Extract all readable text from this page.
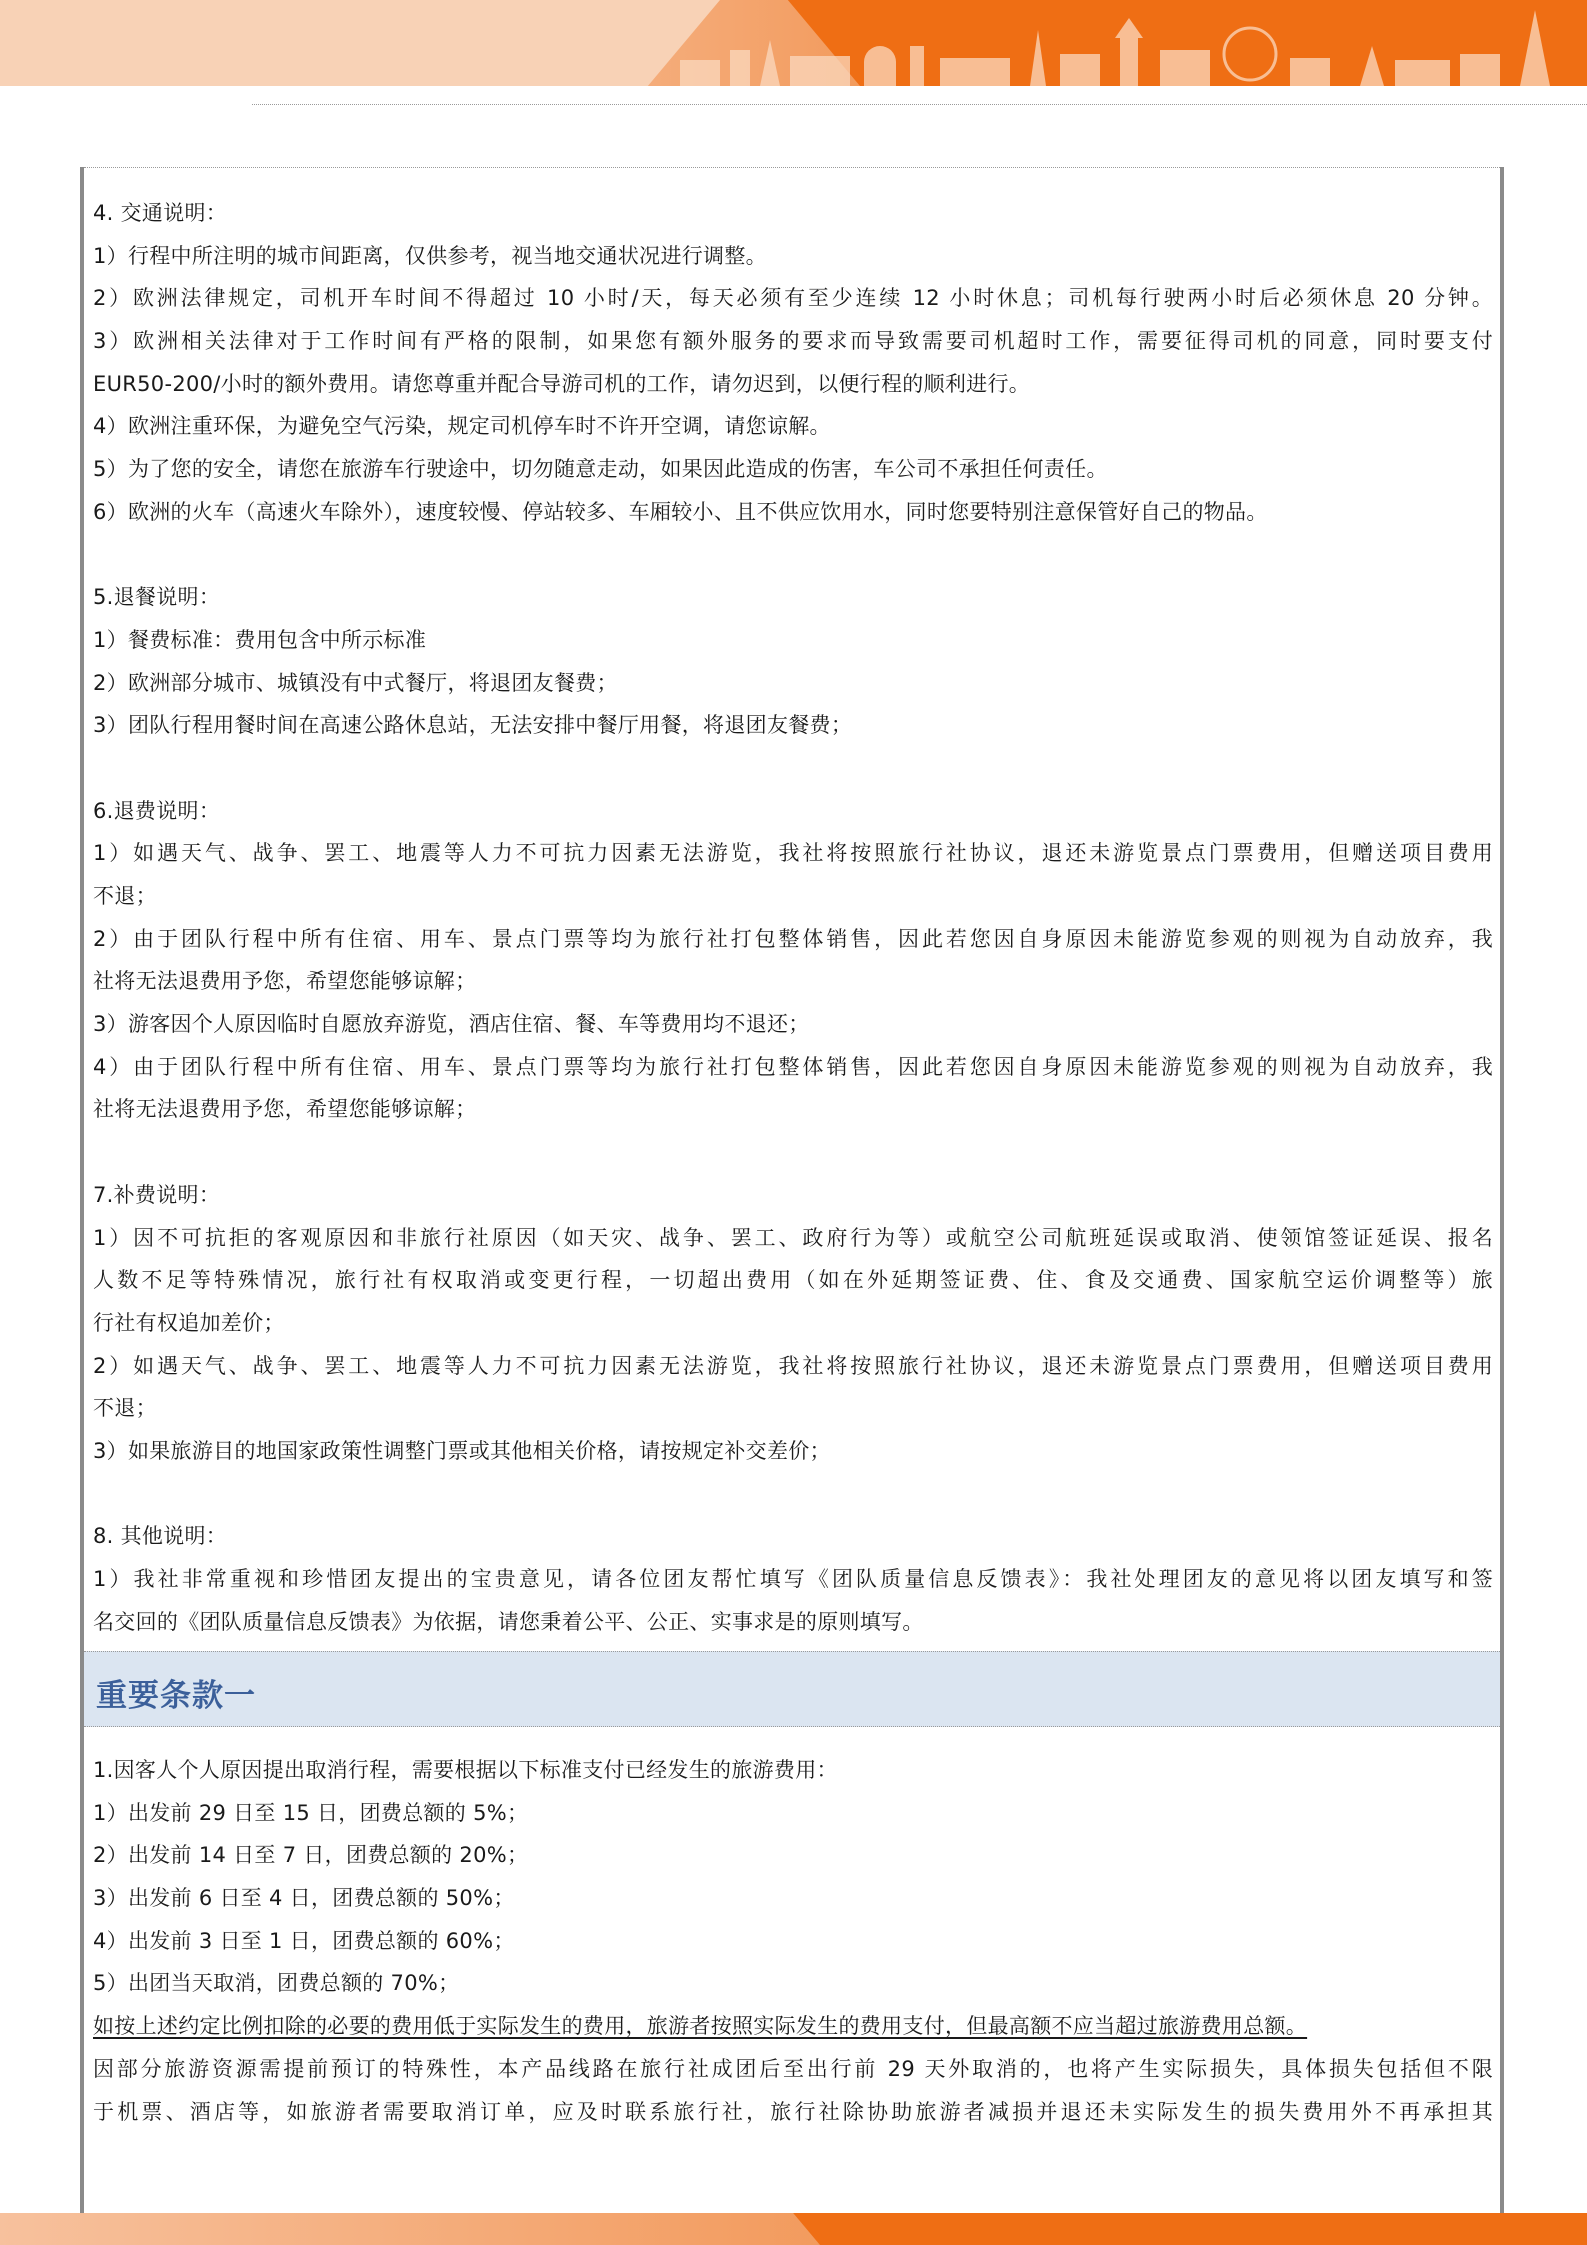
4. 交通说明：
1）行程中所注明的城市间距离，仅供参考，视当地交通状况进行调整。
2）欧洲法律规定，司机开车时间不得超过 10 小时/天，每天必须有至少连续 12 小时休息；司机每行驶两小时后必须休息 20 分钟。
3）欧洲相关法律对于工作时间有严格的限制，如果您有额外服务的要求而导致需要司机超时工作，需要征得司机的同意，同时要支付
EUR50-200/小时的额外费用。请您尊重并配合导游司机的工作，请勿迟到，以便行程的顺利进行。
4）欧洲注重环保，为避免空气污染，规定司机停车时不许开空调，请您谅解。
5）为了您的安全，请您在旅游车行驶途中，切勿随意走动，如果因此造成的伤害，车公司不承担任何责任。
6）欧洲的火车（高速火车除外），速度较慢、停站较多、车厢较小、且不供应饮用水，同时您要特别注意保管好自己的物品。
5.退餐说明：
1）餐费标准：费用包含中所示标准
2）欧洲部分城市、城镇没有中式餐厅，将退团友餐费；
3）团队行程用餐时间在高速公路休息站，无法安排中餐厅用餐，将退团友餐费；
6.退费说明：
1）如遇天气、战争、罢工、地震等人力不可抗力因素无法游览，我社将按照旅行社协议，退还未游览景点门票费用，但赠送项目费用
不退；
2）由于团队行程中所有住宿、用车、景点门票等均为旅行社打包整体销售，因此若您因自身原因未能游览参观的则视为自动放弃，我
社将无法退费用予您，希望您能够谅解；
3）游客因个人原因临时自愿放弃游览，酒店住宿、餐、车等费用均不退还；
4）由于团队行程中所有住宿、用车、景点门票等均为旅行社打包整体销售，因此若您因自身原因未能游览参观的则视为自动放弃，我
社将无法退费用予您，希望您能够谅解；
7.补费说明：
1）因不可抗拒的客观原因和非旅行社原因（如天灾、战争、罢工、政府行为等）或航空公司航班延误或取消、使领馆签证延误、报名
人数不足等特殊情况，旅行社有权取消或变更行程，一切超出费用（如在外延期签证费、住、食及交通费、国家航空运价调整等）旅
行社有权追加差价；
2）如遇天气、战争、罢工、地震等人力不可抗力因素无法游览，我社将按照旅行社协议，退还未游览景点门票费用，但赠送项目费用
不退；
3）如果旅游目的地国家政策性调整门票或其他相关价格，请按规定补交差价；
8. 其他说明：
1）我社非常重视和珍惜团友提出的宝贵意见，请各位团友帮忙填写《团队质量信息反馈表》：我社处理团友的意见将以团友填写和签
名交回的《团队质量信息反馈表》为依据，请您秉着公平、公正、实事求是的原则填写。
重要条款一
1.因客人个人原因提出取消行程，需要根据以下标准支付已经发生的旅游费用：
1）出发前 29 日至 15 日，团费总额的 5%；
2）出发前 14 日至 7 日，团费总额的 20%；
3）出发前 6 日至 4 日，团费总额的 50%；
4）出发前 3 日至 1 日，团费总额的 60%；
5）出团当天取消，团费总额的 70%；
如按上述约定比例扣除的必要的费用低于实际发生的费用，旅游者按照实际发生的费用支付，但最高额不应当超过旅游费用总额。
因部分旅游资源需提前预订的特殊性，本产品线路在旅行社成团后至出行前 29 天外取消的，也将产生实际损失，具体损失包括但不限
于机票、酒店等，如旅游者需要取消订单，应及时联系旅行社，旅行社除协助旅游者减损并退还未实际发生的损失费用外不再承担其
